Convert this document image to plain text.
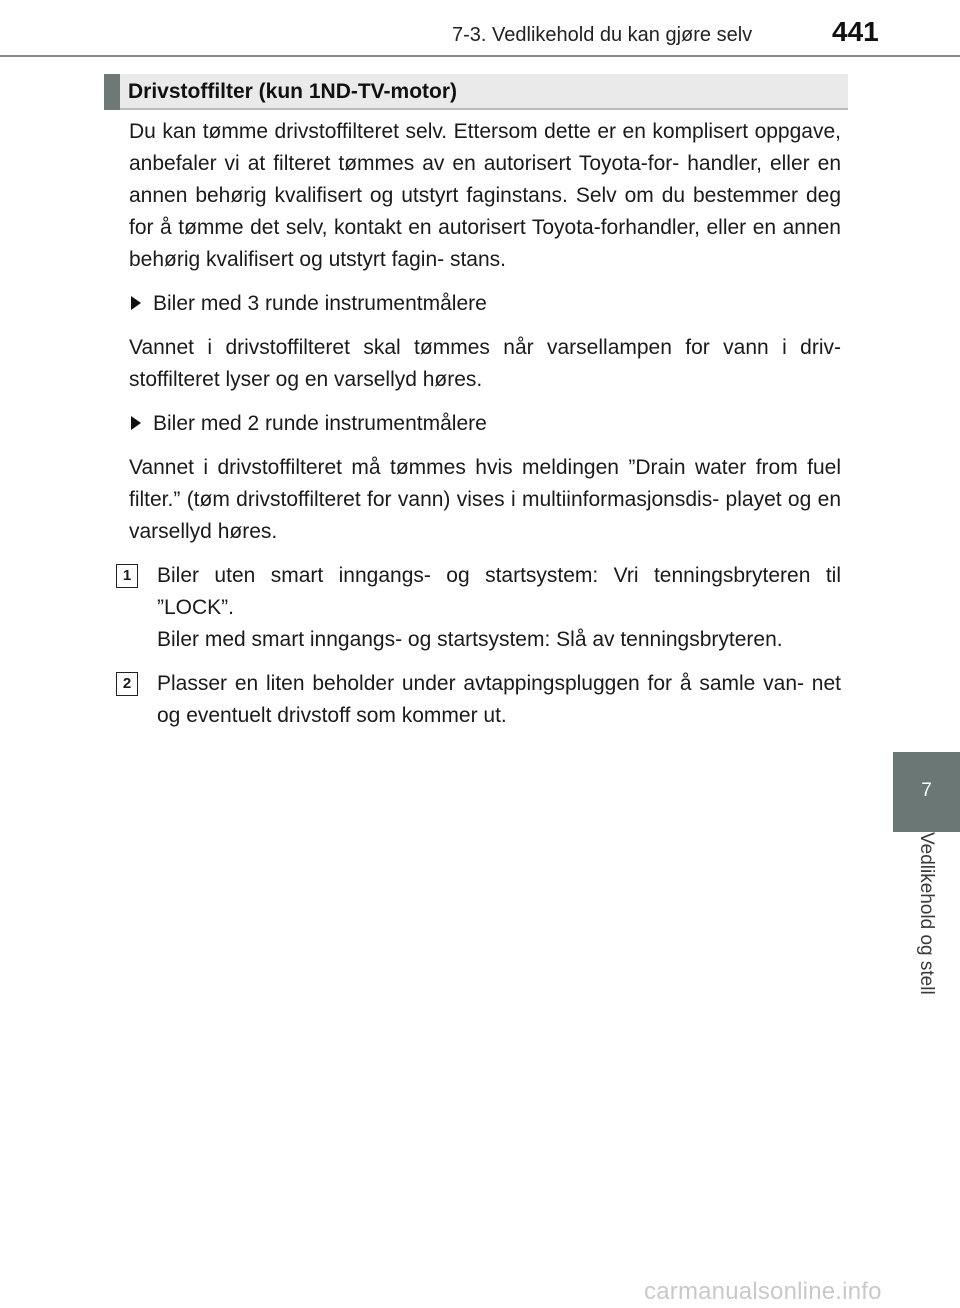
7-3. Vedlikehold du kan gjøre selv	441
7
Vedlikehold og stell
Drivstoffilter (kun 1ND-TV-motor)

Du kan tømme drivstoffilteret selv. Ettersom dette er en komplisert oppgave, anbefaler vi at filteret tømmes av en autorisert Toyota-for- handler, eller en annen behørig kvalifisert og utstyrt faginstans. Selv om du bestemmer deg for å tømme det selv, kontakt en autorisert Toyota-forhandler, eller en annen behørig kvalifisert og utstyrt fagin- stans.

Biler med 3 runde instrumentmålere

Vannet i drivstoffilteret skal tømmes når varsellampen for vann i driv- stoffilteret lyser og en varsellyd høres.

Biler med 2 runde instrumentmålere

Vannet i drivstoffilteret må tømmes hvis meldingen ”Drain water from fuel filter.” (tøm drivstoffilteret for vann) vises i multiinformasjonsdis- playet og en varsellyd høres.

1	Biler uten smart inngangs- og startsystem: Vri tenningsbryteren til ”LOCK”.
Biler med smart inngangs- og startsystem: Slå av tenningsbryteren.
2	Plasser en liten beholder under avtappingspluggen for å samle van- net og eventuelt drivstoff som kommer ut.
carmanualsonline.info
